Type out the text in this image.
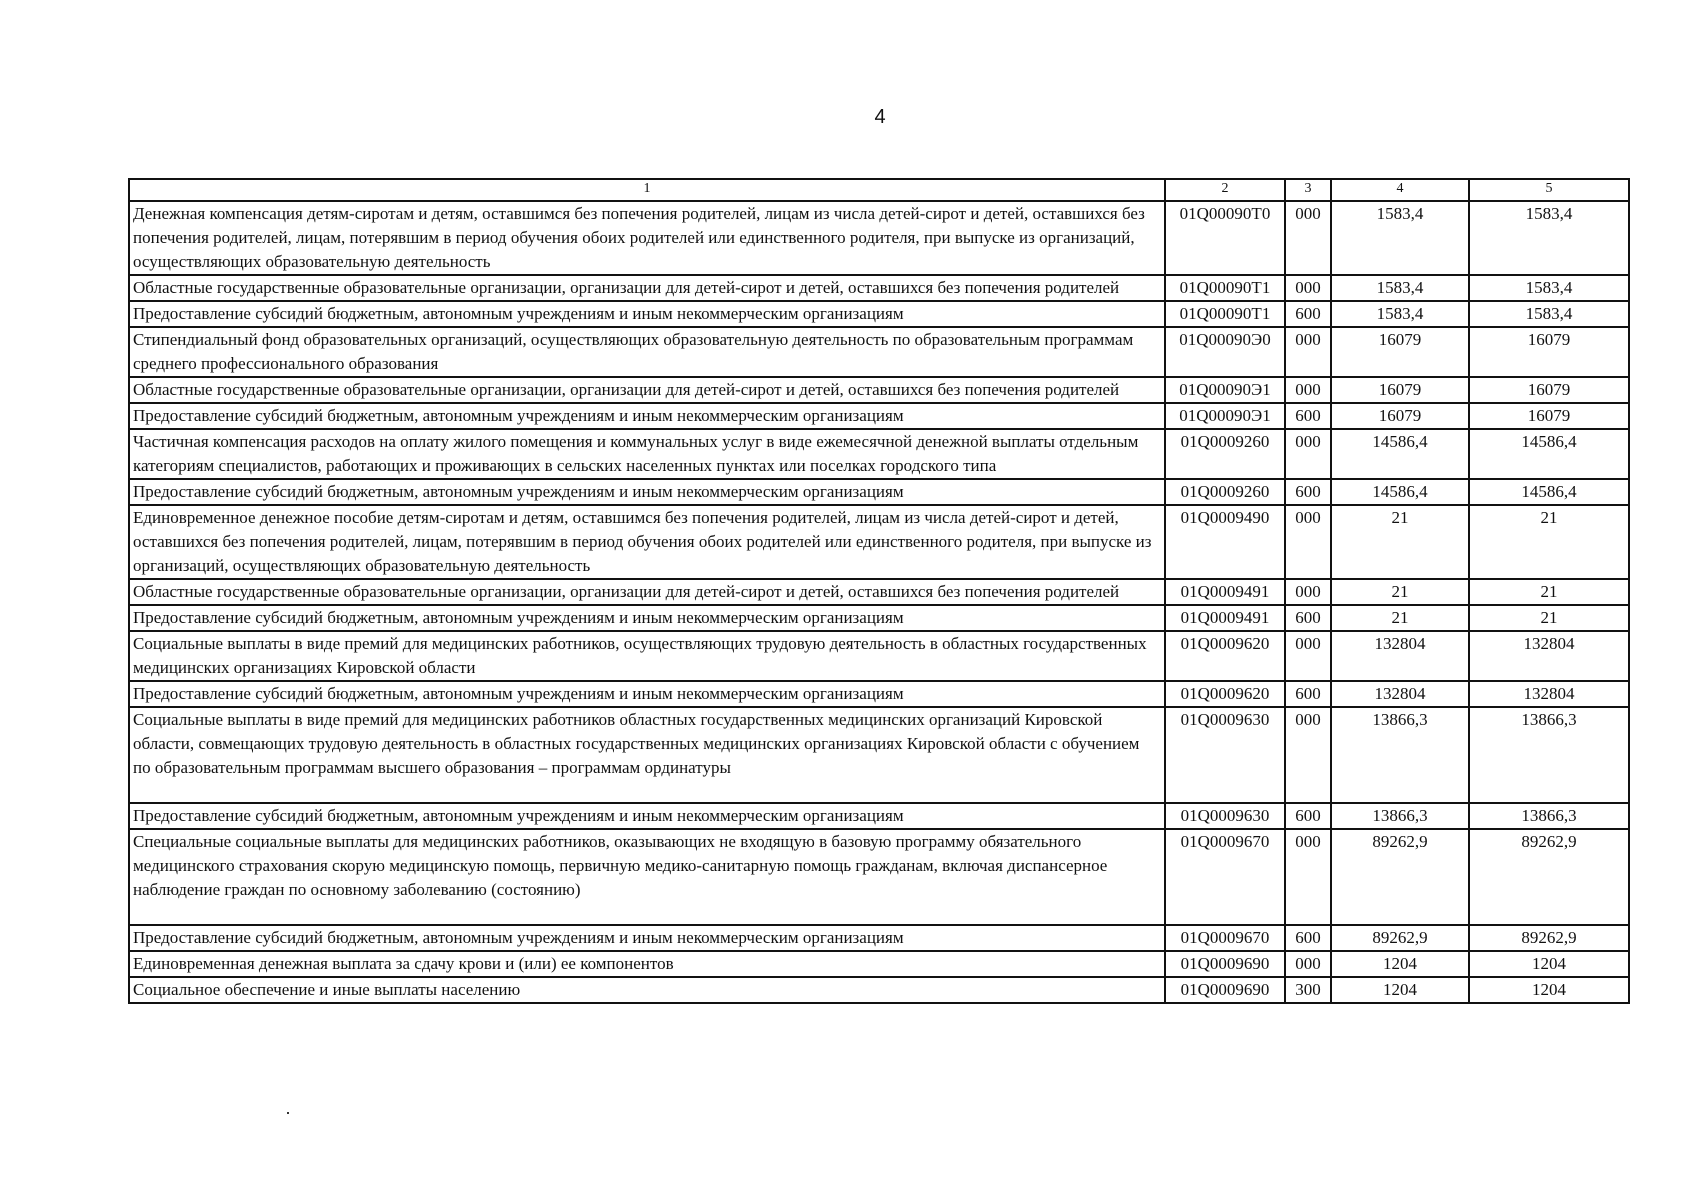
4
1	2	3	4	5
Денежная компенсация детям-сиротам и детям, оставшимся без попечения родителей, лицам из числа детей-сирот и детей, оставшихся без попечения родителей, лицам, потерявшим в период обучения обоих родителей или единственного родителя, при выпуске из организаций, осуществляющих образовательную деятельность	01Q00090Т0	000	1583,4	1583,4
Областные государственные образовательные организации, организации для детей-сирот и детей, оставшихся без попечения родителей	01Q00090Т1	000	1583,4	1583,4
Предоставление субсидий бюджетным, автономным учреждениям и иным некоммерческим организациям	01Q00090Т1	600	1583,4	1583,4
Стипендиальный фонд образовательных организаций, осуществляющих образовательную деятельность по образовательным программам среднего профессионального образования	01Q00090Э0	000	16079	16079
Областные государственные образовательные организации, организации для детей-сирот и детей, оставшихся без попечения родителей	01Q00090Э1	000	16079	16079
Предоставление субсидий бюджетным, автономным учреждениям и иным некоммерческим организациям	01Q00090Э1	600	16079	16079
Частичная компенсация расходов на оплату жилого помещения и коммунальных услуг в виде ежемесячной денежной выплаты отдельным категориям специалистов, работающих и проживающих в сельских населенных пунктах или поселках городского типа	01Q0009260	000	14586,4	14586,4
Предоставление субсидий бюджетным, автономным учреждениям и иным некоммерческим организациям	01Q0009260	600	14586,4	14586,4
Единовременное денежное пособие детям-сиротам и детям, оставшимся без попечения родителей, лицам из числа детей-сирот и детей, оставшихся без попечения родителей, лицам, потерявшим в период обучения обоих родителей или единственного родителя, при выпуске из организаций, осуществляющих образовательную деятельность	01Q0009490	000	21	21
Областные государственные образовательные организации, организации для детей-сирот и детей, оставшихся без попечения родителей	01Q0009491	000	21	21
Предоставление субсидий бюджетным, автономным учреждениям и иным некоммерческим организациям	01Q0009491	600	21	21
Социальные выплаты в виде премий для медицинских работников, осуществляющих трудовую деятельность в областных государственных медицинских организациях Кировской области	01Q0009620	000	132804	132804
Предоставление субсидий бюджетным, автономным учреждениям и иным некоммерческим организациям	01Q0009620	600	132804	132804
Социальные выплаты в виде премий для медицинских работников областных государственных медицинских организаций Кировской области, совмещающих трудовую деятельность в областных государственных медицинских организациях Кировской области с обучением по образовательным программам высшего образования – программам ординатуры	01Q0009630	000	13866,3	13866,3
Предоставление субсидий бюджетным, автономным учреждениям и иным некоммерческим организациям	01Q0009630	600	13866,3	13866,3
Специальные социальные выплаты для медицинских работников, оказывающих не входящую в базовую программу обязательного медицинского страхования скорую медицинскую помощь, первичную медико-санитарную помощь гражданам, включая диспансерное наблюдение граждан по основному заболеванию (состоянию)	01Q0009670	000	89262,9	89262,9
Предоставление субсидий бюджетным, автономным учреждениям и иным некоммерческим организациям	01Q0009670	600	89262,9	89262,9
Единовременная денежная выплата за сдачу крови и (или) ее компонентов	01Q0009690	000	1204	1204
Социальное обеспечение и иные выплаты населению	01Q0009690	300	1204	1204
